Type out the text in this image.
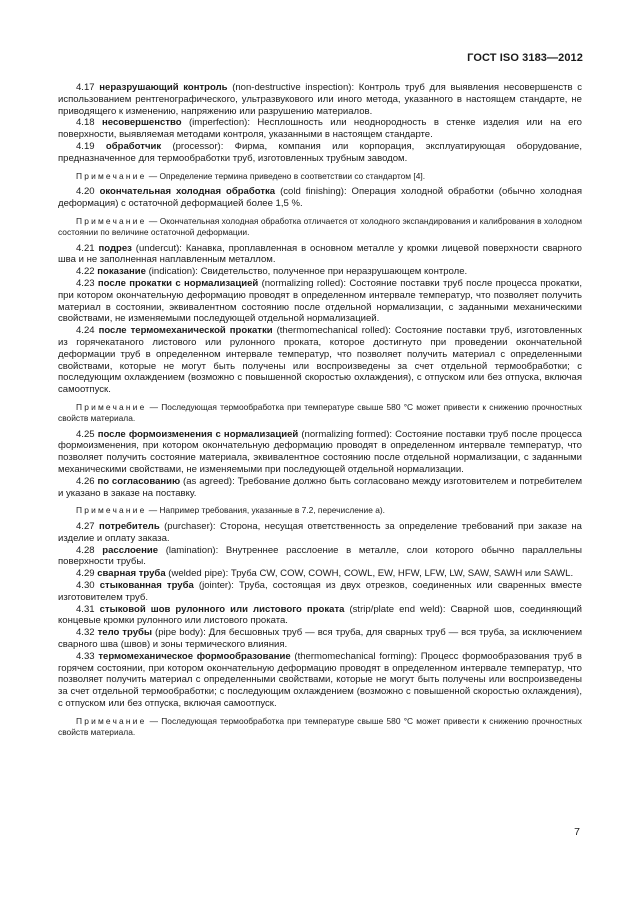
ГОСТ ISO 3183—2012

4.17 неразрушающий контроль (non-destructive inspection): Контроль труб для выявления несовершенств с использованием рентгенографического, ультразвукового или иного метода, указанного в настоящем стандарте, не приводящего к изменению, напряжению или разрушению материалов.

4.18 несовершенство (imperfection): Несплошность или неоднородность в стенке изделия или на его поверхности, выявляемая методами контроля, указанными в настоящем стандарте.

4.19 обработчик (processor): Фирма, компания или корпорация, эксплуатирующая оборудование, предназначенное для термообработки труб, изготовленных трубным заводом.

Примечание — Определение термина приведено в соответствии со стандартом [4].

4.20 окончательная холодная обработка (cold finishing): Операция холодной обработки (обычно холодная деформация) с остаточной деформацией более 1,5 %.

Примечание — Окончательная холодная обработка отличается от холодного экспандирования и калибрования в холодном состоянии по величине остаточной деформации.

4.21 подрез (undercut): Канавка, проплавленная в основном металле у кромки лицевой поверхности сварного шва и не заполненная наплавленным металлом.

4.22 показание (indication): Свидетельство, полученное при неразрушающем контроле.

4.23 после прокатки с нормализацией (normalizing rolled): Состояние поставки труб после процесса прокатки, при котором окончательную деформацию проводят в определенном интервале температур, что позволяет получить материал в состоянии, эквивалентном состоянию после отдельной нормализации, с заданными механическими свойствами, не изменяемыми последующей отдельной нормализацией.

4.24 после термомеханической прокатки (thermomechanical rolled): Состояние поставки труб, изготовленных из горячекатаного листового или рулонного проката, которое достигнуто при проведении окончательной деформации труб в определенном интервале температур, что позволяет получить материал с определенными свойствами, которые не могут быть получены или воспроизведены за счет отдельной термообработки; с последующим охлаждением (возможно с повышенной скоростью охлаждения), с отпуском или без отпуска, включая самоотпуск.

Примечание — Последующая термообработка при температуре свыше 580 °С может привести к снижению прочностных свойств материала.

4.25 после формоизменения с нормализацией (normalizing formed): Состояние поставки труб после процесса формоизменения, при котором окончательную деформацию проводят в определенном интервале температур, что позволяет получить состояние материала, эквивалентное состоянию после отдельной нормализации, с заданными механическими свойствами, не изменяемыми при последующей отдельной нормализации.

4.26 по согласованию (as agreed): Требование должно быть согласовано между изготовителем и потребителем и указано в заказе на поставку.

Примечание — Например требования, указанные в 7.2, перечисление а).

4.27 потребитель (purchaser): Сторона, несущая ответственность за определение требований при заказе на изделие и оплату заказа.

4.28 расслоение (lamination): Внутреннее расслоение в металле, слои которого обычно параллельны поверхности трубы.

4.29 сварная труба (welded pipe): Труба CW, COW, COWH, COWL, EW, HFW, LFW, LW, SAW, SAWH или SAWL.

4.30 стыкованная труба (jointer): Труба, состоящая из двух отрезков, соединенных или сваренных вместе изготовителем труб.

4.31 стыковой шов рулонного или листового проката (strip/plate end weld): Сварной шов, соединяющий концевые кромки рулонного или листового проката.

4.32 тело трубы (pipe body): Для бесшовных труб — вся труба, для сварных труб — вся труба, за исключением сварного шва (швов) и зоны термического влияния.

4.33 термомеханическое формообразование (thermomechanical forming): Процесс формообразования труб в горячем состоянии, при котором окончательную деформацию проводят в определенном интервале температур, что позволяет получить материал с определенными свойствами, которые не могут быть получены или воспроизведены за счет отдельной термообработки; с последующим охлаждением (возможно с повышенной скоростью охлаждения), с отпуском или без отпуска, включая самоотпуск.

Примечание — Последующая термообработка при температуре свыше 580 °С может привести к снижению прочностных свойств материала.

7
